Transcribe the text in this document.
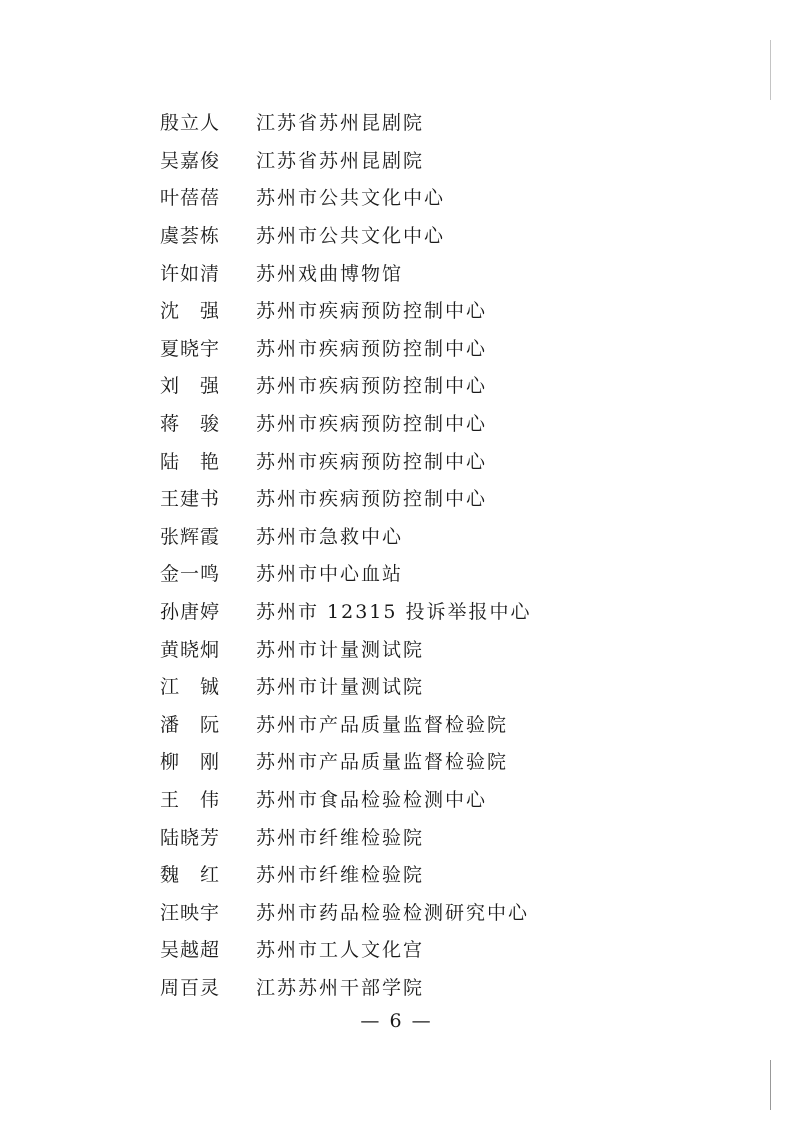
殷立人	江苏省苏州昆剧院
吴嘉俊	江苏省苏州昆剧院
叶蓓蓓	苏州市公共文化中心
虞荟栋	苏州市公共文化中心
许如清	苏州戏曲博物馆
沈　强	苏州市疾病预防控制中心
夏晓宇	苏州市疾病预防控制中心
刘　强	苏州市疾病预防控制中心
蒋　骏	苏州市疾病预防控制中心
陆　艳	苏州市疾病预防控制中心
王建书	苏州市疾病预防控制中心
张辉霞	苏州市急救中心
金一鸣	苏州市中心血站
孙唐婷	苏州市 12315 投诉举报中心
黄晓炯	苏州市计量测试院
江　铖	苏州市计量测试院
潘　阮	苏州市产品质量监督检验院
柳　刚	苏州市产品质量监督检验院
王　伟	苏州市食品检验检测中心
陆晓芳	苏州市纤维检验院
魏　红	苏州市纤维检验院
汪映宇	苏州市药品检验检测研究中心
吴越超	苏州市工人文化宫
周百灵	江苏苏州干部学院
— 6 —
